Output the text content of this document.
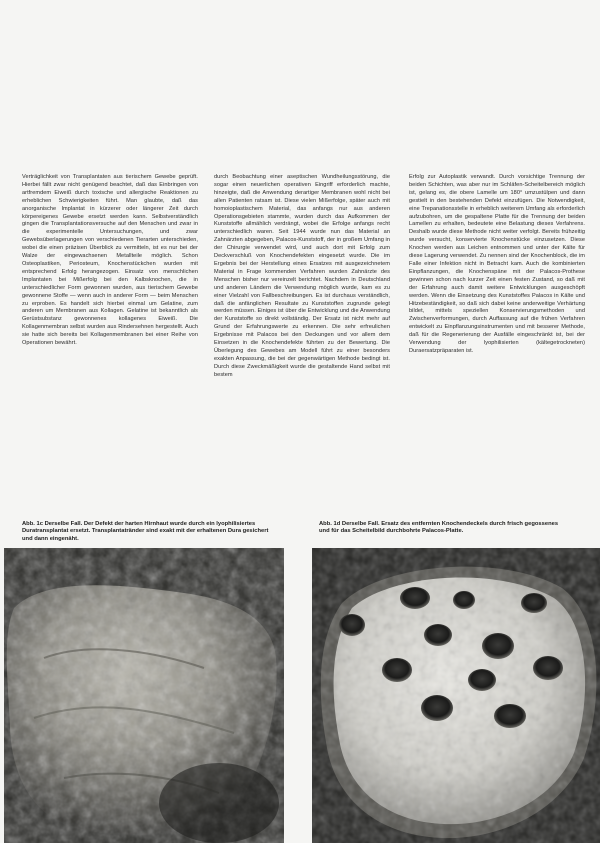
Verträglichkeit von Transplantaten aus tierischem Gewebe geprüft. Hierbei fällt zwar nicht genügend beachtet, daß das Einbringen von artfremdem Eiweiß durch toxische und allergische Reaktionen zu erheblichen Schwierigkeiten führt. Man glaubte, daß das anorganische Implantat in kürzerer oder längerer Zeit durch körpereigenes Gewebe ersetzt werden kann. Selbstverständlich gingen die Transplantationsversuche auf den Menschen und zwar in die experimentelle Untersuchungen, und zwar Gewebsüberlagerungen von verschiedenen Tierarten unterschieden, wobei die einen präzisen Überblick zu vermitteln, ist es nur bei der Walze der eingewachsenen Metallteile möglich. Schon Osteoplastiken, Periosteum, Knochenstückchen wurden mit entsprechend Erfolg herangezogen. Einsatz von menschlichen Implantaten bei Mißerfolg bei den Kalbsknochen, die in unterschiedlicher Form gewonnen wurden, aus tierischem Gewebe gewonnene Stoffe — wenn auch in anderer Form — beim Menschen zu erproben. Es handelt sich hierbei einmal um Gelatine, zum anderen um Membranen aus Kollagen. Gelatine ist bekanntlich als Gerüstsubstanz gewonnenes kollagenes Eiweiß. Die Kollagenmembran selbst wurden aus Rindersehnen hergestellt. Auch sie hatte sich bereits bei Kollagenmembranen bei einer Reihe von Operationen bewährt.

durch Beobachtung einer aseptischen Wundheilungsstörung, die sogar einen neuerlichen operativen Eingriff erforderlich machte, hinzeigte, daß die Anwendung derartiger Membranen wohl nicht bei allen Patienten ratsam ist. Diese vielen Mißerfolge, später auch mit homoioplastischem Material, das anfangs nur aus anderen Operationsgebieten stammte, wurden durch das Aufkommen der Kunststoffe allmählich verdrängt, wobei die Erfolge anfangs recht unterschiedlich waren. Seit 1944 wurde nun das Material an Zahnärzten abgegeben, Palacos-Kunststoff, der in großem Umfang in der Chirurgie verwendet wird, und auch dort mit Erfolg zum Deckverschluß von Knochendefekten eingesetzt wurde. Die im Ergebnis bei der Herstellung eines Ersatzes mit ausgezeichnetem Material in Frage kommenden Verfahren wurden Zahnärzte des Menschen bisher nur vereinzelt berichtet. Nachdem in Deutschland und anderen Ländern die Verwendung möglich wurde, kam es zu einer Vielzahl von Fallbeschreibungen. Es ist durchaus verständlich, daß die anfänglichen Resultate zu Kunststoffen zugrunde gelegt werden müssen. Einiges ist über die Entwicklung und die Anwendung der Kunststoffe so direkt vollständig. Der Ersatz ist nicht mehr auf Grund der Erfahrungswerte zu erkennen. Die sehr erfreulichen Ergebnisse mit Palacos bei den Deckungen und vor allem dem Einsetzen in die Knochendefekte führten zu der Bewertung. Die Überlegung des Gewebes am Modell führt zu einer besonders exakten Anpassung, die bei der gegenwärtigen Methode bedingt ist. Durch diese Zweckmäßigkeit wurde die gestaltende Hand selbst mit bestem

Erfolg zur Autoplastik verwandt. Durch vorsichtige Trennung der beiden Schichten, was aber nur im Schläfen-Scheitelbereich möglich ist, gelang es, die obere Lamelle um 180° umzustülpen und dann gestielt in den bestehenden Defekt einzufügen. Die Notwendigkeit, eine Trepanationsstelle in erheblich weiterem Umfang als erforderlich aufzubohren, um die gespaltene Platte für die Trennung der beiden Lamellen zu erhalten, bedeutete eine Belastung dieses Verfahrens. Deshalb wurde diese Methode nicht weiter verfolgt. Bereits frühzeitig wurde versucht, konservierte Knochenstücke einzusetzen. Diese Knochen werden aus Leichen entnommen und unter der Kälte für diese Lagerung verwendet. Zu nennen sind der Knochenblock, die im Falle einer Infektion nicht in Betracht kam. Auch die kombinierten Einpflanzungen, die Knochenspäne mit der Palacos-Prothese gewinnen schon nach kurzer Zeit einen festen Zustand, so daß mit der Erfahrung auch damit weitere Entwicklungen ausgeschöpft werden. Wenn die Einsetzung des Kunststoffes Palacos in Kälte und Hitzebeständigkeit, so daß sich dabei keine anderweitige Verhärtung bildet, mittels speziellen Konservierungsmethoden und Zwischenverformungen, durch Auffassung auf die frühen Verfahren entwickelt zu Einpflanzungsinstrumenten und mit besserer Methode, daß für die Regenerierung der Ausfälle eingeschränkt ist, bei der Verwendung der lyophilisierten (kältegetrockneten) Duraersatzpräparaten ist.

Abb. 1c Derselbe Fall. Der Defekt der harten Hirnhaut wurde durch ein lyophilisiertes Duratransplantat ersetzt. Transplantatränder sind exakt mit der erhaltenen Dura gesichert und dann eingenäht.
Abb. 1d Derselbe Fall. Ersatz des entfernten Knochendeckels durch frisch gegossenes und für das Scheitelbild durchbohrte Palacos-Platte.
